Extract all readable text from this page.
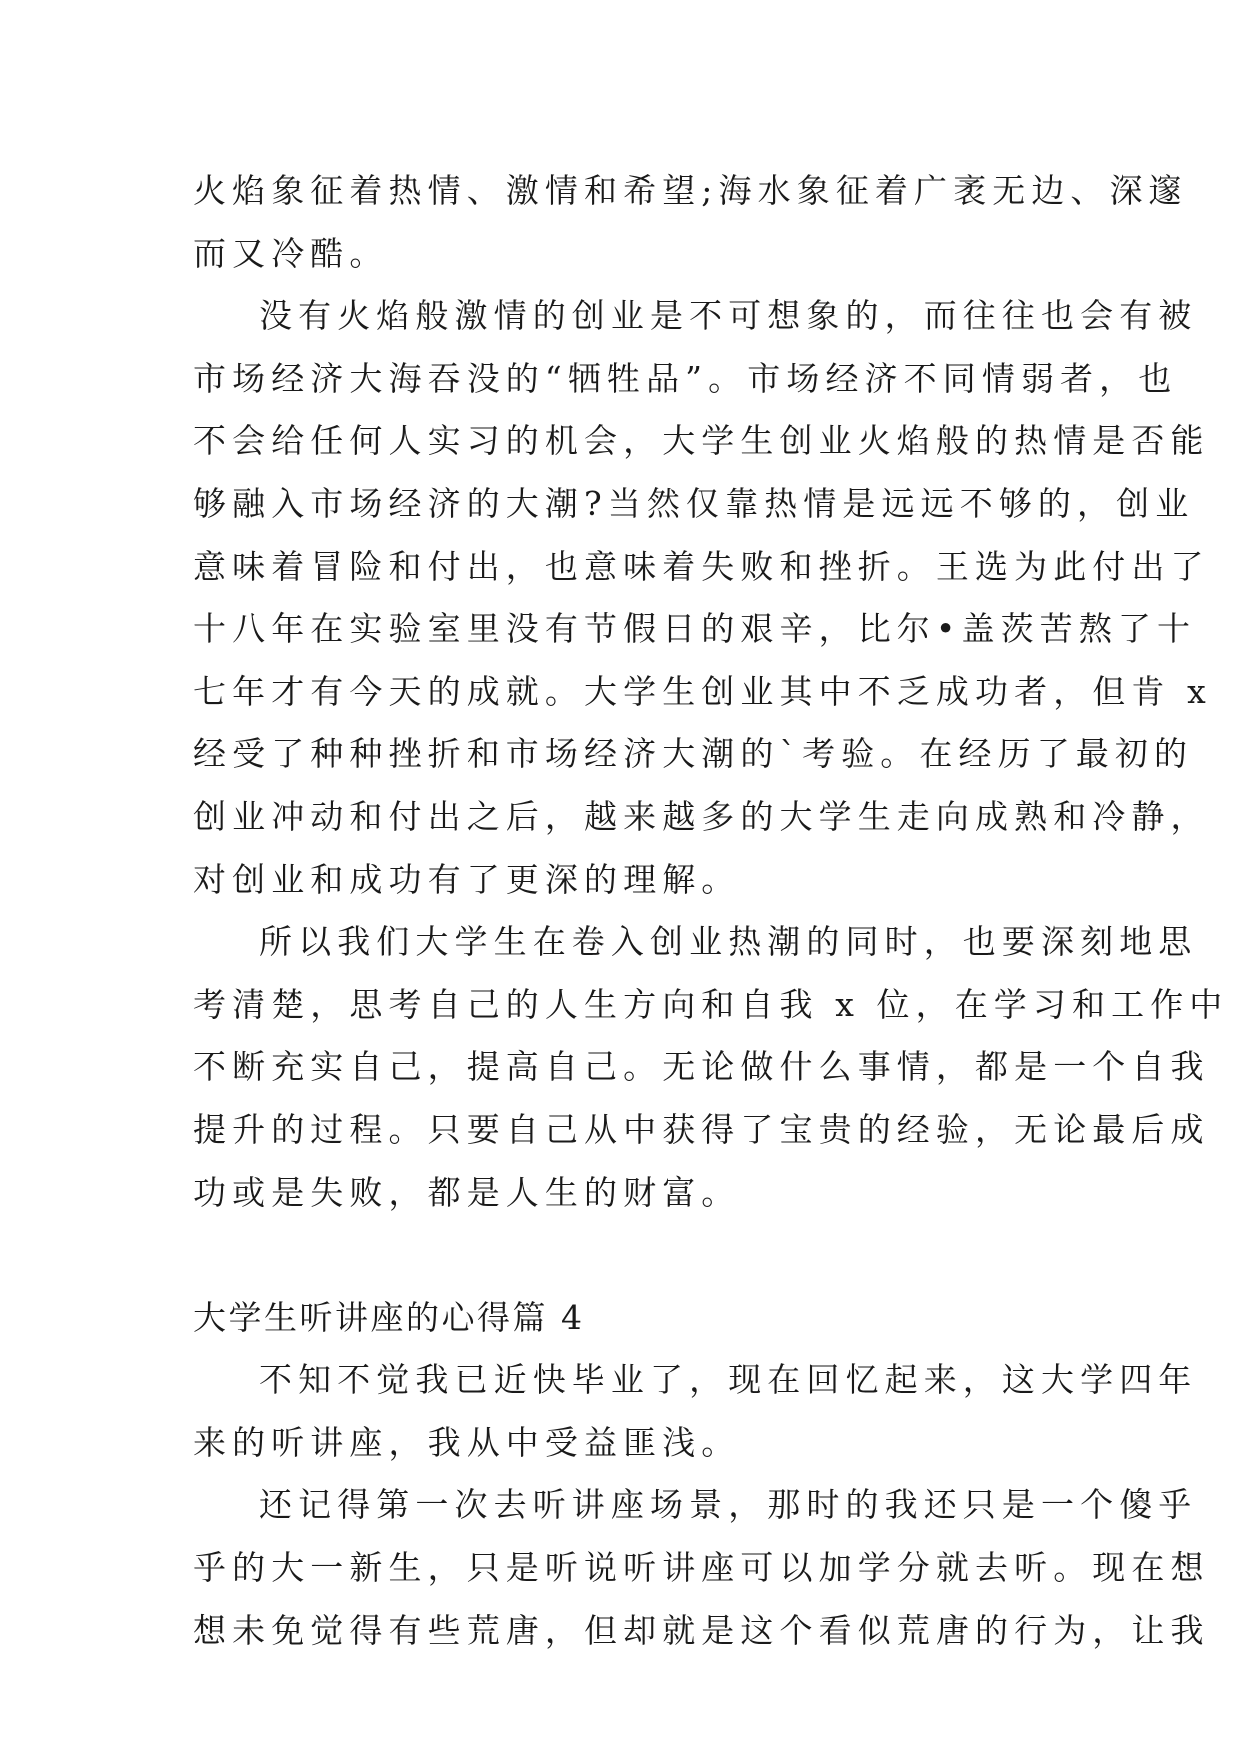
火焰象征着热情、激情和希望;海水象征着广袤无边、深邃
而又冷酷。
没有火焰般激情的创业是不可想象的，而往往也会有被
市场经济大海吞没的“牺牲品”。市场经济不同情弱者，也
不会给任何人实习的机会，大学生创业火焰般的热情是否能
够融入市场经济的大潮?当然仅靠热情是远远不够的，创业
意味着冒险和付出，也意味着失败和挫折。王选为此付出了
十八年在实验室里没有节假日的艰辛，比尔•盖茨苦熬了十
七年才有今天的成就。大学生创业其中不乏成功者，但肯 x
经受了种种挫折和市场经济大潮的`考验。在经历了最初的
创业冲动和付出之后，越来越多的大学生走向成熟和冷静，
对创业和成功有了更深的理解。
所以我们大学生在卷入创业热潮的同时，也要深刻地思
考清楚，思考自己的人生方向和自我 x 位，在学习和工作中
不断充实自己，提高自己。无论做什么事情，都是一个自我
提升的过程。只要自己从中获得了宝贵的经验，无论最后成
功或是失败，都是人生的财富。
大学生听讲座的心得篇 4
不知不觉我已近快毕业了，现在回忆起来，这大学四年
来的听讲座，我从中受益匪浅。
还记得第一次去听讲座场景，那时的我还只是一个傻乎
乎的大一新生，只是听说听讲座可以加学分就去听。现在想
想未免觉得有些荒唐，但却就是这个看似荒唐的行为，让我
